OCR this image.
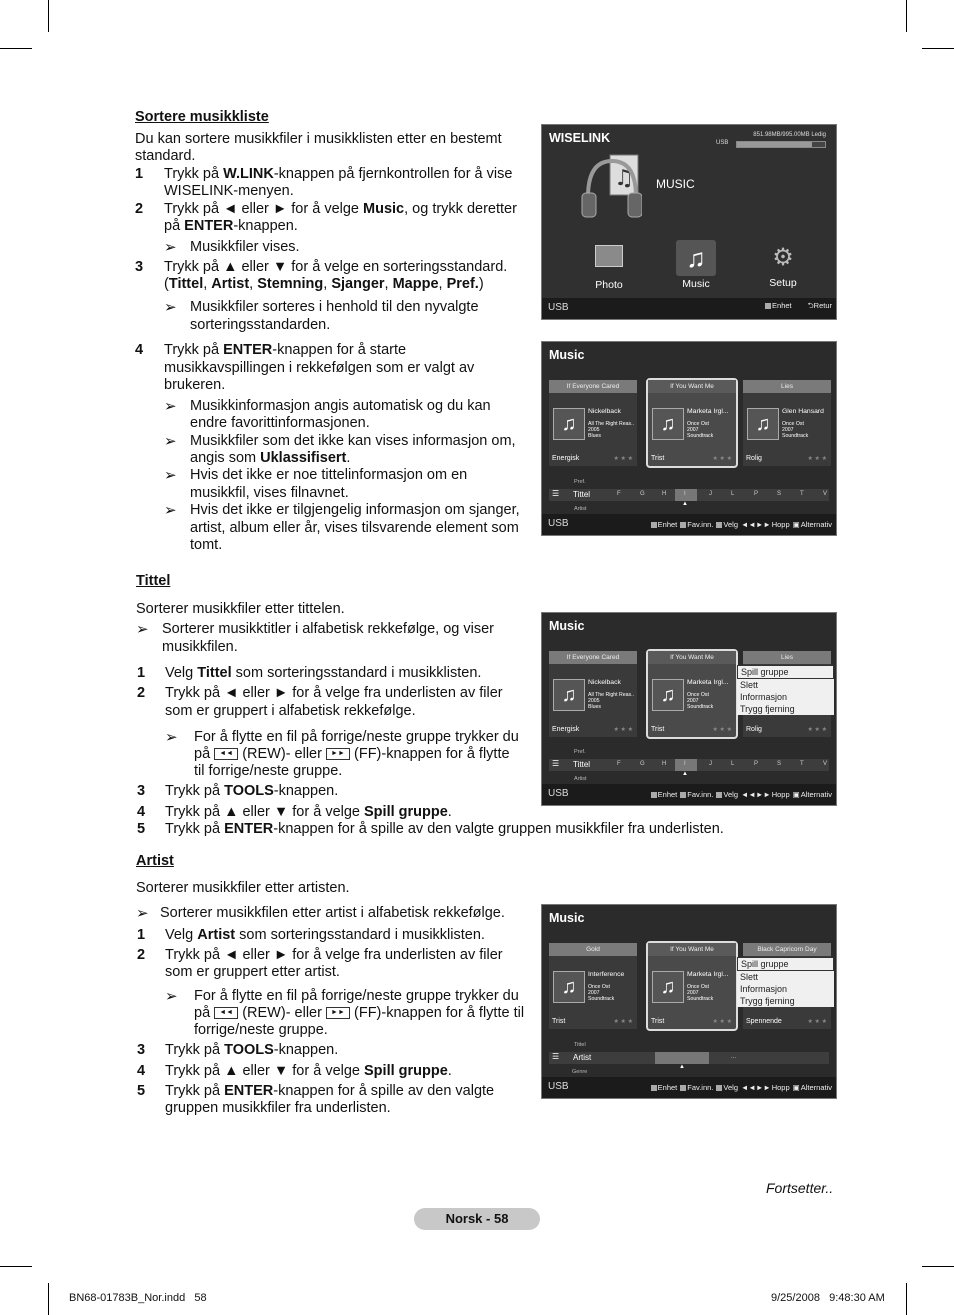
Sortere musikkliste
Du kan sortere musikkfiler i musikklisten etter en bestemt standard.
1 Trykk på W.LINK-knappen på fjernkontrollen for å vise
WISELINK-menyen.
2 Trykk på ◄ eller ► for å velge Music, og trykk deretter
på ENTER-knappen.
➢ Musikkfiler vises.
3 Trykk på ▲ eller ▼ for å velge en sorteringsstandard.
(Tittel, Artist, Stemning, Sjanger, Mappe, Pref.)
➢ Musikkfiler sorteres i henhold til den nyvalgte
sorteringsstandarden.
4 Trykk på ENTER-knappen for å starte
musikkavspillingen i rekkefølgen som er valgt av
brukeren.
➢ Musikkinformasjon angis automatisk og du kan
endre favorittinformasjonen.
➢ Musikkfiler som det ikke kan vises informasjon om,
angis som Uklassifisert.
➢ Hvis det ikke er noe tittelinformasjon om en
musikkfil, vises filnavnet.
➢ Hvis det ikke er tilgjengelig informasjon om sjanger,
artist, album eller år, vises tilsvarende element som
tomt.
Tittel
Sorterer musikkfiler etter tittelen.
➢ Sorterer musikktitler i alfabetisk rekkefølge, og viser
musikkfilen.
1 Velg Tittel som sorteringsstandard i musikklisten.
2 Trykk på ◄ eller ► for å velge fra underlisten av filer
som er gruppert i alfabetisk rekkefølge.
➢ For å flytte en fil på forrige/neste gruppe trykker du
på ◄◄ (REW)- eller ►► (FF)-knappen for å flytte
til forrige/neste gruppe.
3 Trykk på TOOLS-knappen.
4 Trykk på ▲ eller ▼ for å velge Spill gruppe.
5 Trykk på ENTER-knappen for å spille av den valgte gruppen musikkfiler fra underlisten.
Artist
Sorterer musikkfiler etter artisten.
➢ Sorterer musikkfilen etter artist i alfabetisk rekkefølge.
1 Velg Artist som sorteringsstandard i musikklisten.
2 Trykk på ◄ eller ► for å velge fra underlisten av filer
som er gruppert etter artist.
➢ For å flytte en fil på forrige/neste gruppe trykker du
på ◄◄ (REW)- eller ►► (FF)-knappen for å flytte til
forrige/neste gruppe.
3 Trykk på TOOLS-knappen.
4 Trykk på ▲ eller ▼ for å velge Spill gruppe.
5 Trykk på ENTER-knappen for å spille av den valgte
gruppen musikkfiler fra underlisten.
WISELINK	851.98MB/995.00MB Ledig
USB
♫ MUSIC
Photo
♫
Music
⚙
Setup
USB	Enhet ⮌Retur
Music
If Everyone Cared
♫
Nickelback
All The Right Reas..
2005
Blues
Energisk	★ ★ ★
If You Want Me
♫
Marketa Irgl...
Once Ost
2007
Soundtrack
Trist	★ ★ ★
Lies
♫
Glen Hansard
Once Ost
2007
Soundtrack
Rolig	★ ★ ★
Pref.
☰ Tittel	F	G	H	I	J	L	P	S	T	V
▲
Artist
USB	Enhet Fav.inn. Velg ◄◄►►Hopp ▣Alternativ
Music
If Everyone Cared
♫
Nickelback
All The Right Reas..
2005
Blues
Energisk	★ ★ ★
If You Want Me
♫
Marketa Irgl...
Once Ost
2007
Soundtrack
Trist	★ ★ ★
Lies
Rolig	★ ★ ★
Spill gruppe
Slett
Informasjon
Trygg fjerning
Pref.
☰ Tittel	F	G	H	I	J	L	P	S	T	V
▲
Artist
USB	Enhet Fav.inn. Velg ◄◄►►Hopp ▣Alternativ
Music
Gold
♫
Interference
Once Ost
2007
Soundtrack
Trist	★ ★ ★
If You Want Me
♫
Marketa Irgl...
Once Ost
2007
Soundtrack
Trist	★ ★ ★
Black Capricorn Day
Spennende	★ ★ ★
Spill gruppe
Slett
Informasjon
Trygg fjerning
Tittel
☰ Artist	...
▲
Genre
USB	Enhet Fav.inn. Velg ◄◄►►Hopp ▣Alternativ
Fortsetter..
Norsk - 58
BN68-01783B_Nor.indd   58	9/25/2008   9:48:30 AM
